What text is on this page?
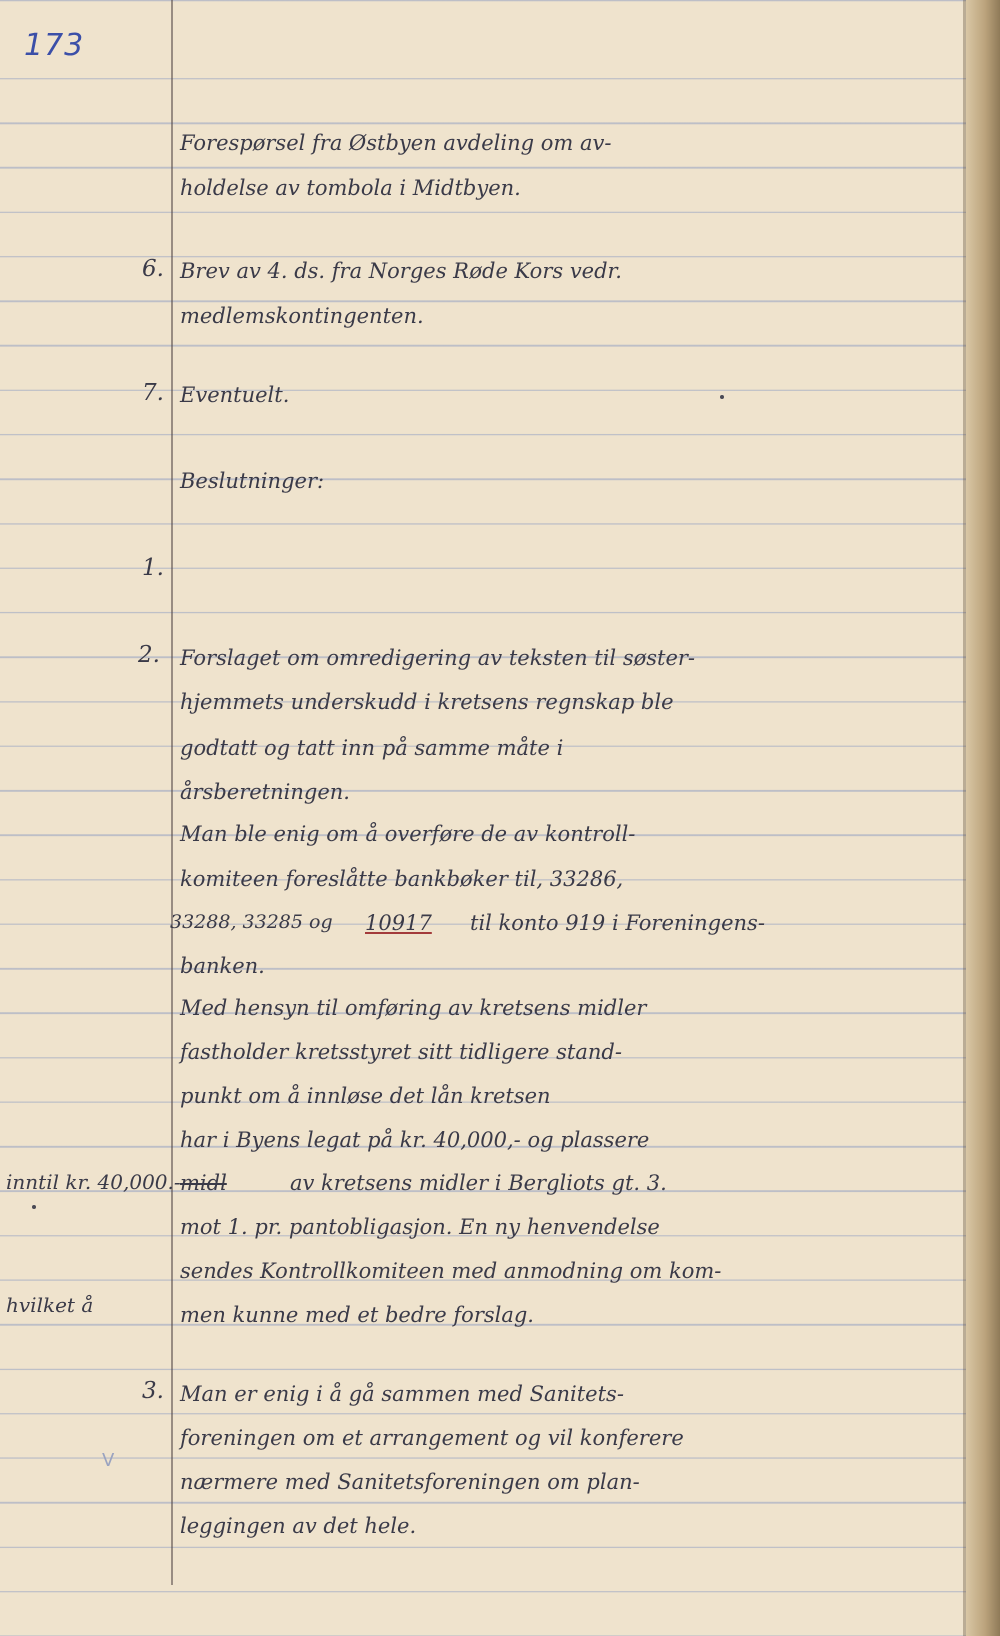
173
Forespørsel fra Østbyen avdeling om av-
holdelse av tombola i Midtbyen.
6. Brev av 4. ds. fra Norges Røde Kors vedr.
medlemskontingenten.
7. Eventuelt.
Beslutninger:
1.
2. Forslaget om omredigering av teksten til søster-
hjemmets underskudd i kretsens regnskap ble
godtatt og tatt inn på samme måte i
årsberetningen.
Man ble enig om å overføre de av kontroll-
komiteen foreslåtte bankbøker til, 33286,
33288, 33285 og 10917 til konto 919 i Foreningens-
banken.
Med hensyn til omføring av kretsens midler
fastholder kretsstyret sitt tidligere stand-
punkt om å innløse det lån kretsen
har i Byens legat på kr. 40,000,- og plassere
midl	av kretsens midler i Bergliots gt. 3.
mot 1. pr. pantobligasjon. En ny henvendelse
sendes Kontrollkomiteen med anmodning om kom-
men kunne med et bedre forslag.
inntil kr. 40,000.-
hvilket å
3. Man er enig i å gå sammen med Sanitets-
foreningen om et arrangement og vil konferere
nærmere med Sanitetsforeningen om plan-
leggingen av det hele.
V
